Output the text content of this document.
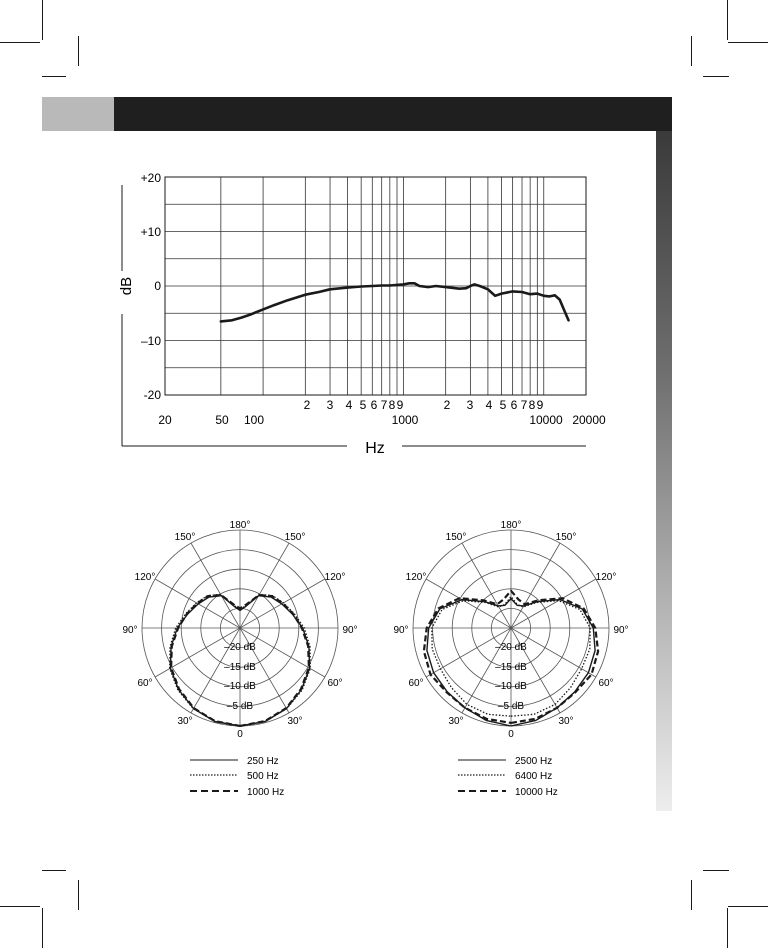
dB
Hz
+20
+10
0
–10
-20
20	50 100	1000	10000 20000
2 3 4 5 6 7 8 9	2 3 4 5 6 7 8 9
180°
150°	150°
120°	120°
90°	90°
60°	60°
30°	30°
0
–20 dB
–15 dB
–10 dB
–5 dB
250 Hz
500 Hz
1000 Hz
180°
150°	150°
120°	120°
90°	90°
60°	60°
30°	30°
0
–20 dB
–15 dB
–10 dB
–5 dB
2500 Hz
6400 Hz
10000 Hz
